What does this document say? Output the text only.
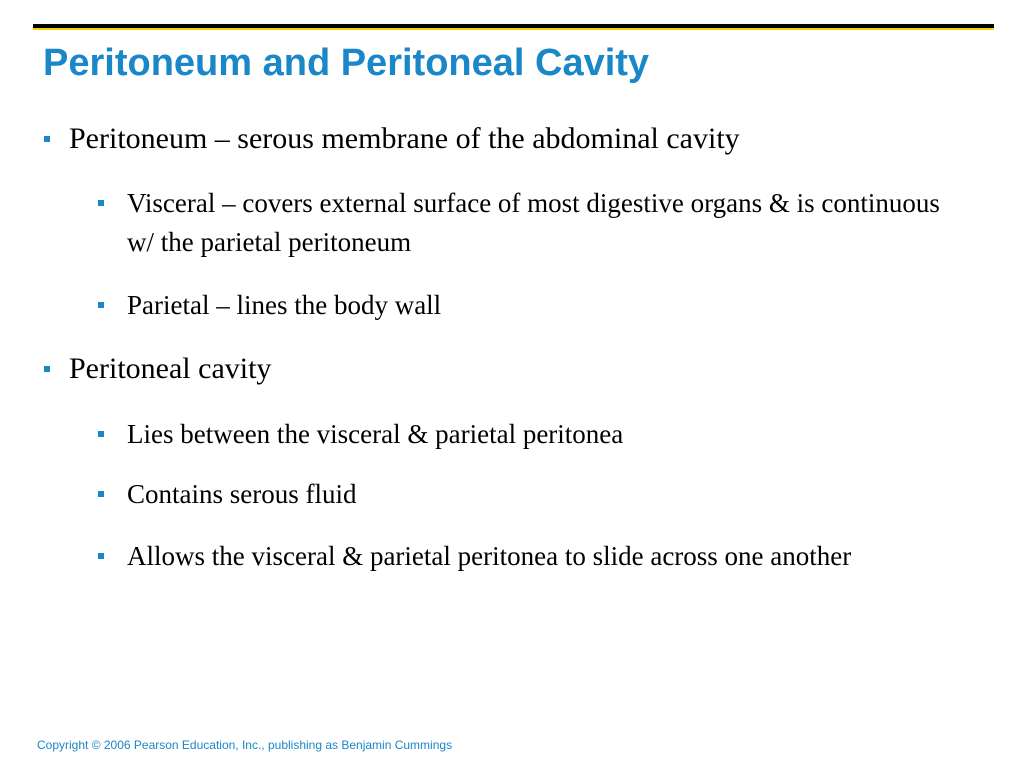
Peritoneum and Peritoneal Cavity
Peritoneum – serous membrane of the abdominal cavity
Visceral – covers external surface of most digestive organs & is continuous w/ the parietal peritoneum
Parietal – lines the body wall
Peritoneal cavity
Lies between the visceral & parietal peritonea
Contains serous fluid
Allows the visceral & parietal peritonea to slide across one another
Copyright © 2006 Pearson Education, Inc., publishing as Benjamin Cummings
